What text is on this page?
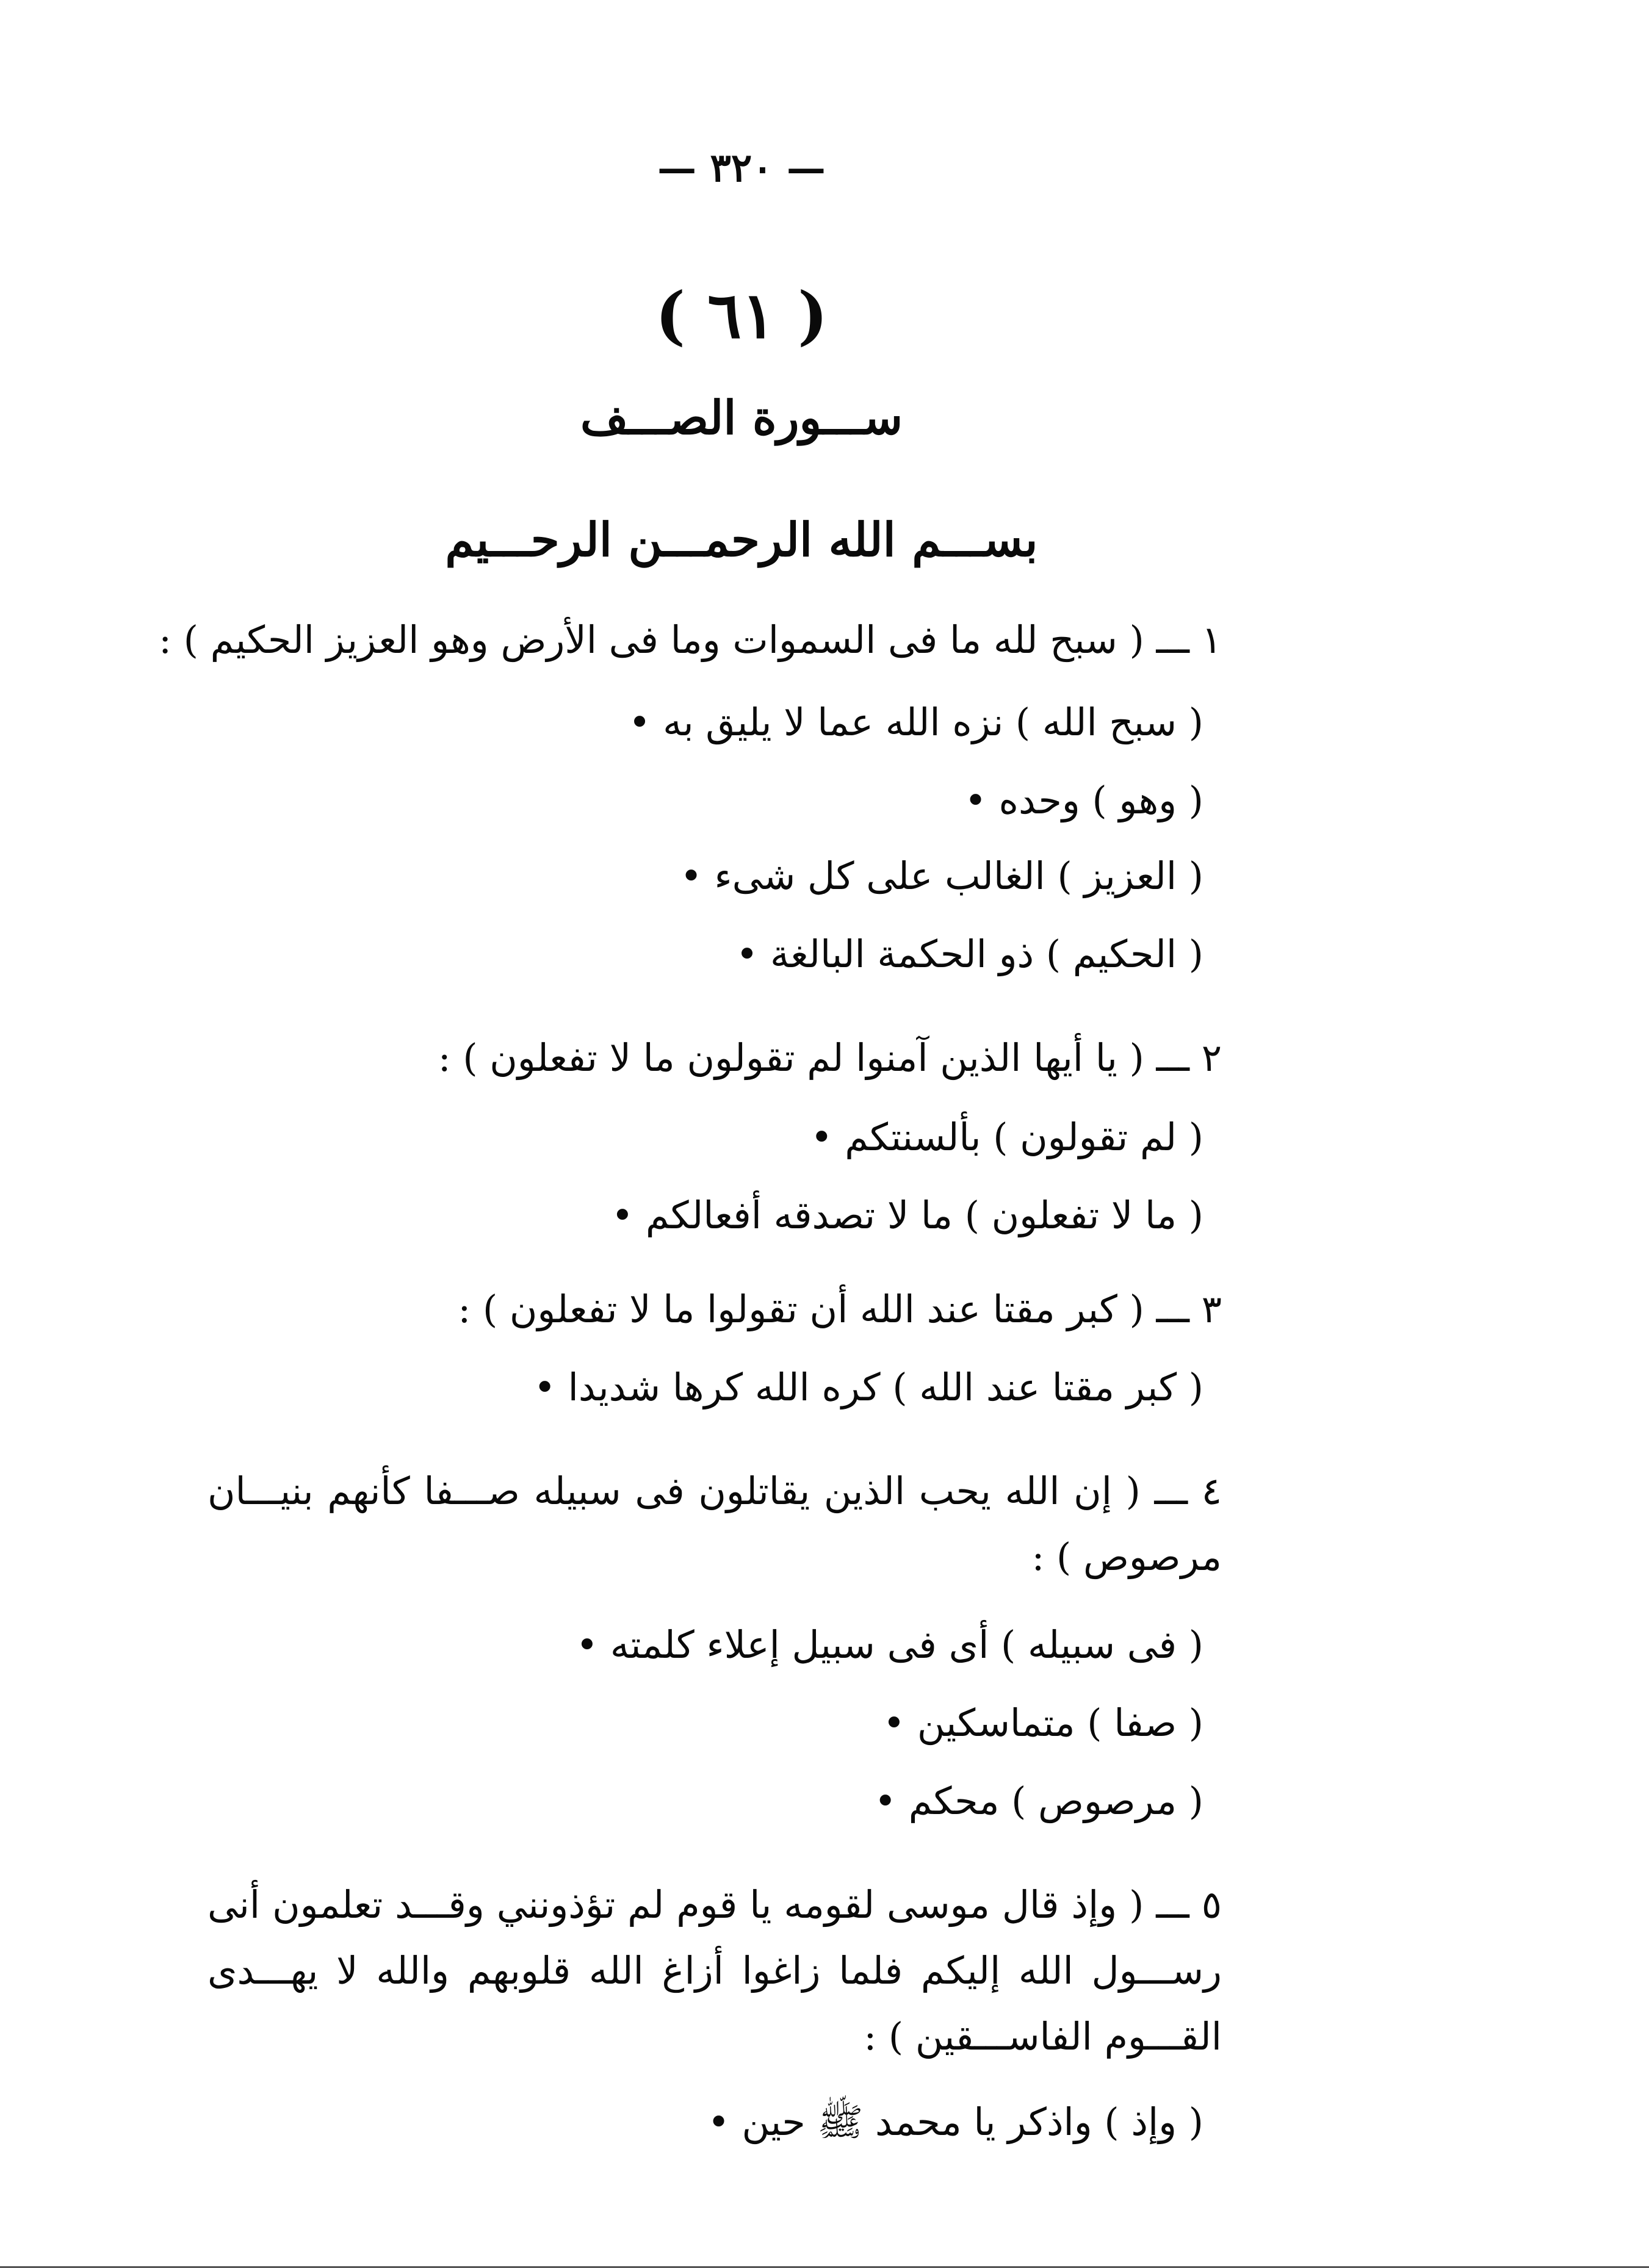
— ٣٢٠ —
( ٦١ )
ســـورة الصـــف
بســـم الله الرحمـــن الرحـــيم
١ ـــ ( سبح لله ما فى السموات وما فى الأرض وهو العزيز الحكيم ) :
( سبح الله ) نزه الله عما لا يليق به •
( وهو ) وحده •
( العزيز ) الغالب على كل شىء •
( الحكيم ) ذو الحكمة البالغة •
٢ ـــ ( يا أيها الذين آمنوا لم تقولون ما لا تفعلون ) :
( لم تقولون ) بألسنتكم •
( ما لا تفعلون ) ما لا تصدقه أفعالكم •
٣ ـــ ( كبر مقتا عند الله أن تقولوا ما لا تفعلون ) :
( كبر مقتا عند الله ) كره الله كرها شديدا •
٤ ـــ ( إن الله يحب الذين يقاتلون فى سبيله صـــفا كأنهم بنيـــان مرصوص ) :
( فى سبيله ) أى فى سبيل إعلاء كلمته •
( صفا ) متماسكين •
( مرصوص ) محكم •
٥ ـــ ( وإذ قال موسى لقومه يا قوم لم تؤذونني وقـــد تعلمون أنى رســـول الله إليكم فلما زاغوا أزاغ الله قلوبهم والله لا يهـــدى القـــوم الفاســـقين ) :
( وإذ ) واذكر يا محمد ﷺ حين •
